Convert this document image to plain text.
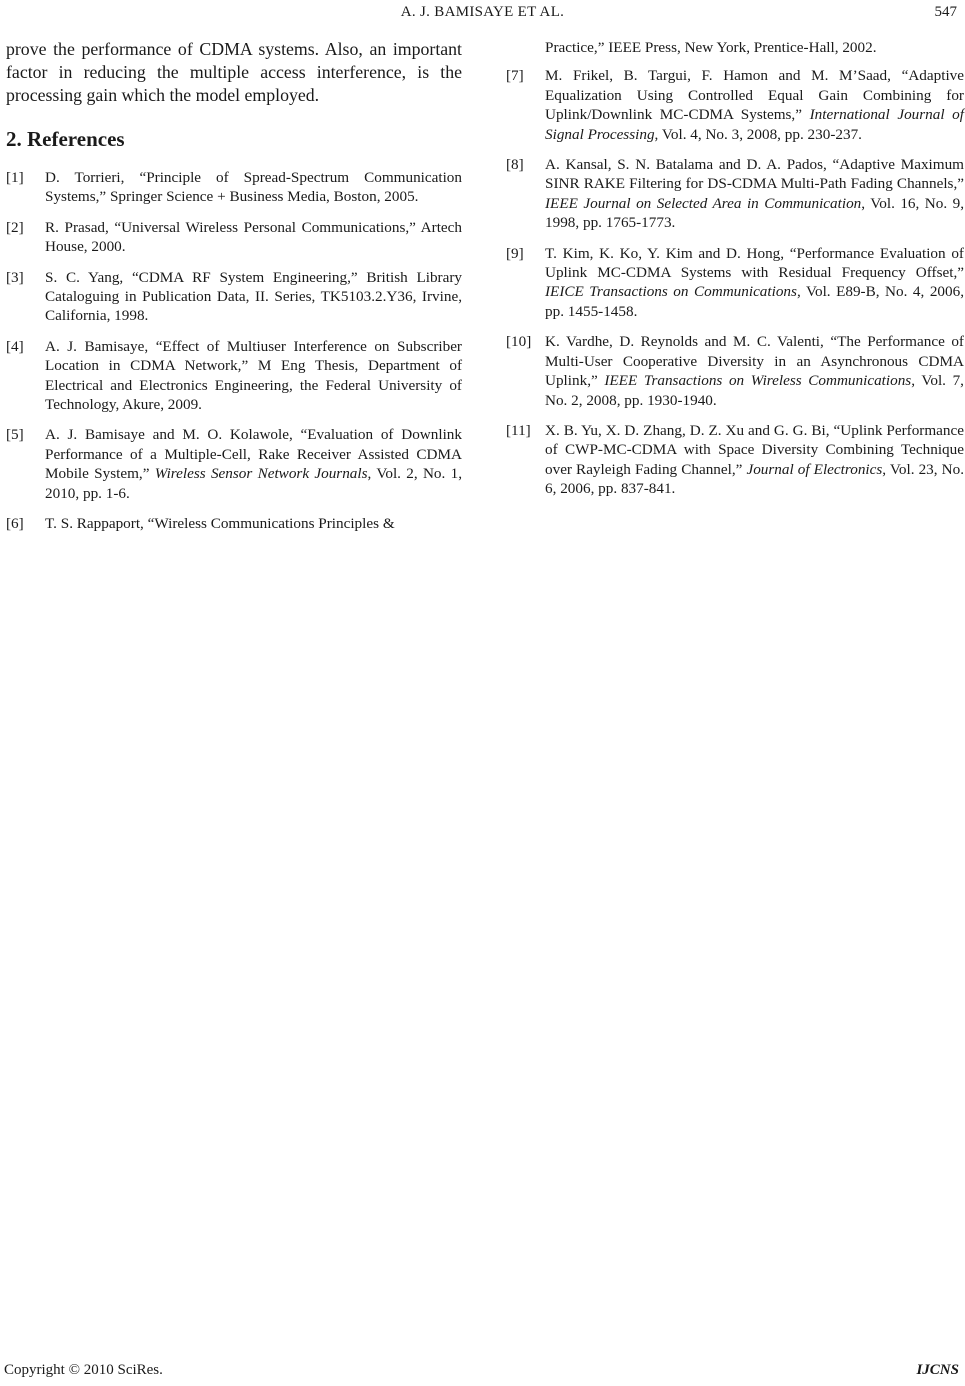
A. J. BAMISAYE ET AL.	547

prove the performance of CDMA systems. Also, an important factor in reducing the multiple access interference, is the processing gain which the model employed.

2. References
[1]	D. Torrieri, “Principle of Spread-Spectrum Communication Systems,” Springer Science + Business Media, Boston, 2005.
[2]	R. Prasad, “Universal Wireless Personal Communications,” Artech House, 2000.
[3]	S. C. Yang, “CDMA RF System Engineering,” British Library Cataloguing in Publication Data, II. Series, TK5103.2.Y36, Irvine, California, 1998.
[4]	A. J. Bamisaye, “Effect of Multiuser Interference on Subscriber Location in CDMA Network,” M Eng Thesis, Department of Electrical and Electronics Engineering, the Federal University of Technology, Akure, 2009.
[5]	A. J. Bamisaye and M. O. Kolawole, “Evaluation of Downlink Performance of a Multiple-Cell, Rake Receiver Assisted CDMA Mobile System,” Wireless Sensor Network Journals, Vol. 2, No. 1, 2010, pp. 1-6.
[6]	T. S. Rappaport, “Wireless Communications Principles &
Practice,” IEEE Press, New York, Prentice-Hall, 2002.
[7]	M. Frikel, B. Targui, F. Hamon and M. M’Saad, “Adaptive Equalization Using Controlled Equal Gain Combining for Uplink/Downlink MC-CDMA Systems,” International Journal of Signal Processing, Vol. 4, No. 3, 2008, pp. 230-237.
[8]	A. Kansal, S. N. Batalama and D. A. Pados, “Adaptive Maximum SINR RAKE Filtering for DS-CDMA Multi-Path Fading Channels,” IEEE Journal on Selected Area in Communication, Vol. 16, No. 9, 1998, pp. 1765-1773.
[9]	T. Kim, K. Ko, Y. Kim and D. Hong, “Performance Evaluation of Uplink MC-CDMA Systems with Residual Frequency Offset,” IEICE Transactions on Communications, Vol. E89-B, No. 4, 2006, pp. 1455-1458.
[10] K. Vardhe, D. Reynolds and M. C. Valenti, “The Performance of Multi-User Cooperative Diversity in an Asynchronous CDMA Uplink,” IEEE Transactions on Wireless Communications, Vol. 7, No. 2, 2008, pp. 1930-1940.
[11] X. B. Yu, X. D. Zhang, D. Z. Xu and G. G. Bi, “Uplink Performance of CWP-MC-CDMA with Space Diversity Combining Technique over Rayleigh Fading Channel,” Journal of Electronics, Vol. 23, No. 6, 2006, pp. 837-841.
Copyright © 2010 SciRes.	IJCNS
